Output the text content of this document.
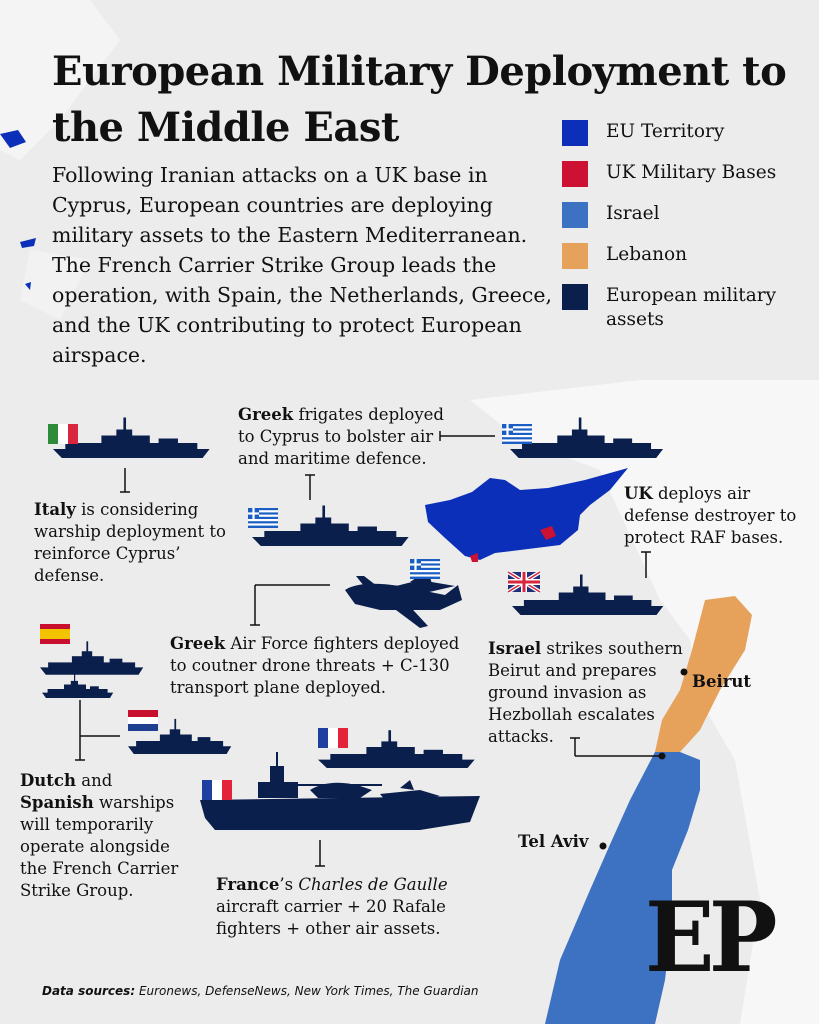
European Military Deployment to the Middle East
Following Iranian attacks on a UK base in Cyprus, European countries are deploying military assets to the Eastern Mediterranean. The French Carrier Strike Group leads the operation, with Spain, the Netherlands, Greece, and the UK contributing to protect European airspace.
EU Territory
UK Military Bases
Israel
Lebanon
European military assets
Greek frigates deployed to Cyprus to bolster air and maritime defence.
Italy is considering warship deployment to reinforce Cyprus’ defense.
UK deploys air defense destroyer to protect RAF bases.
Greek Air Force fighters deployed to coutner drone threats + C-130 transport plane deployed.
Israel strikes southern Beirut and prepares ground invasion as Hezbollah escalates attacks.
Dutch and Spanish warships will temporarily operate alongside the French Carrier Strike Group.	France’s Charles de Gaulle aircraft carrier + 20 Rafale fighters + other air assets.
Beirut
Tel Aviv
EP
Data sources: Euronews, DefenseNews, New York Times, The Guardian
